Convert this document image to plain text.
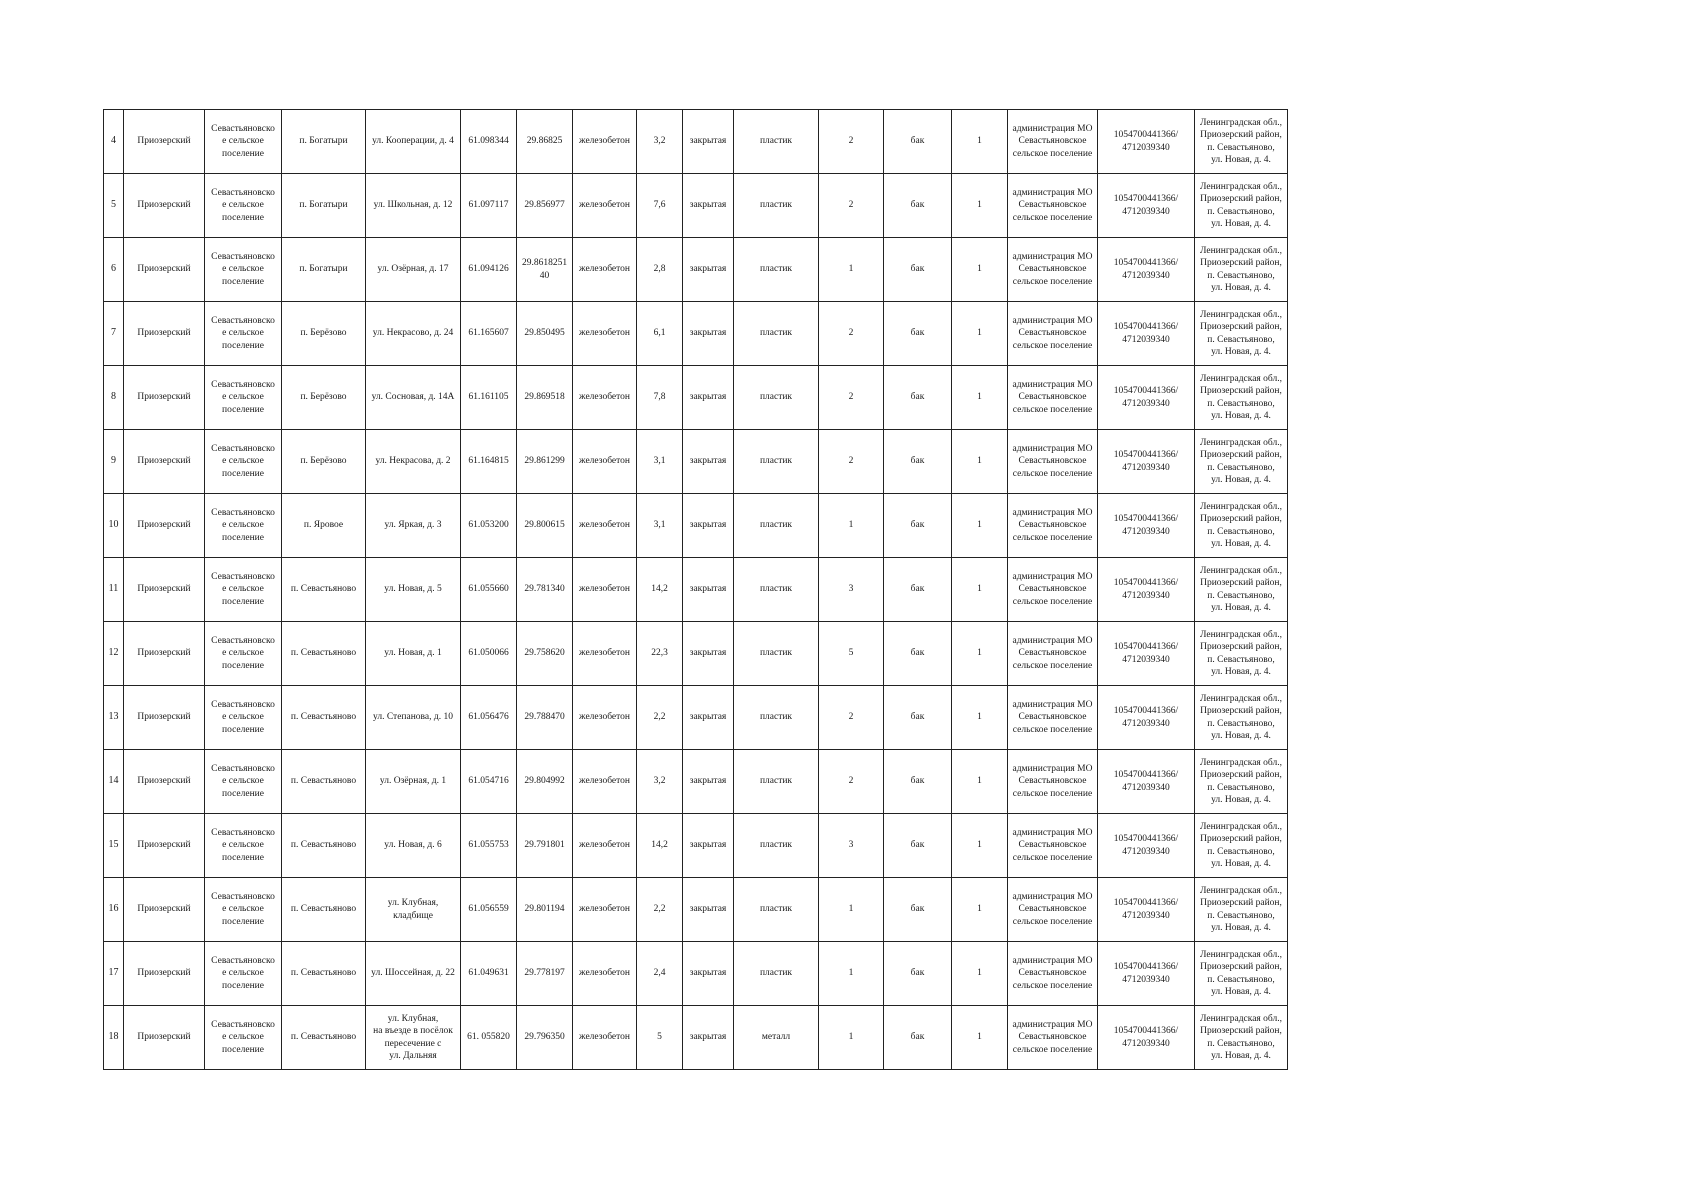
4	Приозерский	Севастьяновско
е сельское
поселение	п. Богатыри	ул. Кооперации, д. 4	61.098344	29.86825	железобетон	3,2	закрытая	пластик	2	бак	1	администрация МО
Севастьяновское
сельское поселение	1054700441366/
4712039340	Ленинградская обл.,
Приозерский район,
п. Севастьяново,
ул. Новая, д. 4.
5	Приозерский	Севастьяновско
е сельское
поселение	п. Богатыри	ул. Школьная, д. 12	61.097117	29.856977	железобетон	7,6	закрытая	пластик	2	бак	1	администрация МО
Севастьяновское
сельское поселение	1054700441366/
4712039340	Ленинградская обл.,
Приозерский район,
п. Севастьяново,
ул. Новая, д. 4.
6	Приозерский	Севастьяновско
е сельское
поселение	п. Богатыри	ул. Озёрная, д. 17	61.094126	29.8618251
40	железобетон	2,8	закрытая	пластик	1	бак	1	администрация МО
Севастьяновское
сельское поселение	1054700441366/
4712039340	Ленинградская обл.,
Приозерский район,
п. Севастьяново,
ул. Новая, д. 4.
7	Приозерский	Севастьяновско
е сельское
поселение	п. Берёзово	ул. Некрасово, д. 24	61.165607	29.850495	железобетон	6,1	закрытая	пластик	2	бак	1	администрация МО
Севастьяновское
сельское поселение	1054700441366/
4712039340	Ленинградская обл.,
Приозерский район,
п. Севастьяново,
ул. Новая, д. 4.
8	Приозерский	Севастьяновско
е сельское
поселение	п. Берёзово	ул. Сосновая, д. 14А	61.161105	29.869518	железобетон	7,8	закрытая	пластик	2	бак	1	администрация МО
Севастьяновское
сельское поселение	1054700441366/
4712039340	Ленинградская обл.,
Приозерский район,
п. Севастьяново,
ул. Новая, д. 4.
9	Приозерский	Севастьяновско
е сельское
поселение	п. Берёзово	ул. Некрасова, д. 2	61.164815	29.861299	железобетон	3,1	закрытая	пластик	2	бак	1	администрация МО
Севастьяновское
сельское поселение	1054700441366/
4712039340	Ленинградская обл.,
Приозерский район,
п. Севастьяново,
ул. Новая, д. 4.
10	Приозерский	Севастьяновско
е сельское
поселение	п. Яровое	ул. Яркая, д. 3	61.053200	29.800615	железобетон	3,1	закрытая	пластик	1	бак	1	администрация МО
Севастьяновское
сельское поселение	1054700441366/
4712039340	Ленинградская обл.,
Приозерский район,
п. Севастьяново,
ул. Новая, д. 4.
11	Приозерский	Севастьяновско
е сельское
поселение	п. Севастьяново	ул. Новая, д. 5	61.055660	29.781340	железобетон	14,2	закрытая	пластик	3	бак	1	администрация МО
Севастьяновское
сельское поселение	1054700441366/
4712039340	Ленинградская обл.,
Приозерский район,
п. Севастьяново,
ул. Новая, д. 4.
12	Приозерский	Севастьяновско
е сельское
поселение	п. Севастьяново	ул. Новая, д. 1	61.050066	29.758620	железобетон	22,3	закрытая	пластик	5	бак	1	администрация МО
Севастьяновское
сельское поселение	1054700441366/
4712039340	Ленинградская обл.,
Приозерский район,
п. Севастьяново,
ул. Новая, д. 4.
13	Приозерский	Севастьяновско
е сельское
поселение	п. Севастьяново	ул. Степанова, д. 10	61.056476	29.788470	железобетон	2,2	закрытая	пластик	2	бак	1	администрация МО
Севастьяновское
сельское поселение	1054700441366/
4712039340	Ленинградская обл.,
Приозерский район,
п. Севастьяново,
ул. Новая, д. 4.
14	Приозерский	Севастьяновско
е сельское
поселение	п. Севастьяново	ул. Озёрная, д. 1	61.054716	29.804992	железобетон	3,2	закрытая	пластик	2	бак	1	администрация МО
Севастьяновское
сельское поселение	1054700441366/
4712039340	Ленинградская обл.,
Приозерский район,
п. Севастьяново,
ул. Новая, д. 4.
15	Приозерский	Севастьяновско
е сельское
поселение	п. Севастьяново	ул. Новая, д. 6	61.055753	29.791801	железобетон	14,2	закрытая	пластик	3	бак	1	администрация МО
Севастьяновское
сельское поселение	1054700441366/
4712039340	Ленинградская обл.,
Приозерский район,
п. Севастьяново,
ул. Новая, д. 4.
16	Приозерский	Севастьяновско
е сельское
поселение	п. Севастьяново	ул. Клубная,
кладбище	61.056559	29.801194	железобетон	2,2	закрытая	пластик	1	бак	1	администрация МО
Севастьяновское
сельское поселение	1054700441366/
4712039340	Ленинградская обл.,
Приозерский район,
п. Севастьяново,
ул. Новая, д. 4.
17	Приозерский	Севастьяновско
е сельское
поселение	п. Севастьяново	ул. Шоссейная, д. 22	61.049631	29.778197	железобетон	2,4	закрытая	пластик	1	бак	1	администрация МО
Севастьяновское
сельское поселение	1054700441366/
4712039340	Ленинградская обл.,
Приозерский район,
п. Севастьяново,
ул. Новая, д. 4.
18	Приозерский	Севастьяновско
е сельское
поселение	п. Севастьяново	ул. Клубная,
на въезде в посёлок
пересечение с
ул. Дальняя	61. 055820	29.796350	железобетон	5	закрытая	металл	1	бак	1	администрация МО
Севастьяновское
сельское поселение	1054700441366/
4712039340	Ленинградская обл.,
Приозерский район,
п. Севастьяново,
ул. Новая, д. 4.
